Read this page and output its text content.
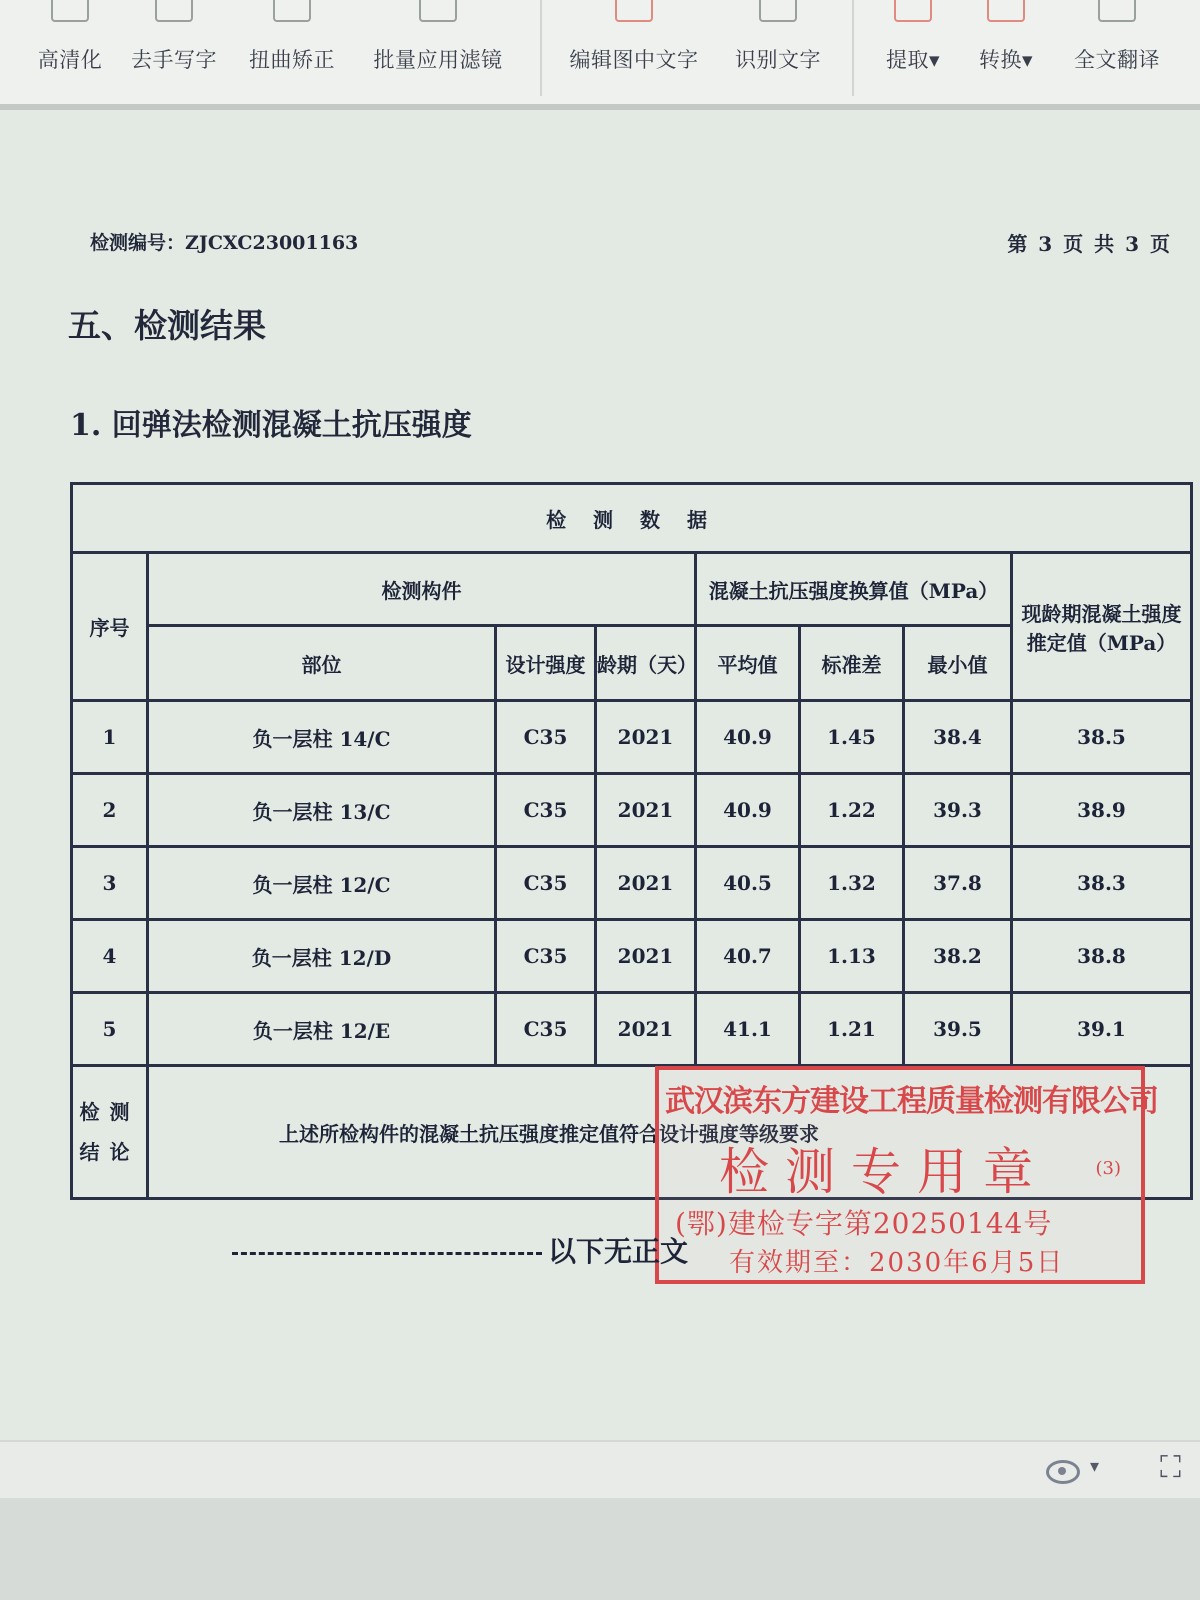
高清化	去手写字	扭曲矫正	批量应用滤镜	编辑图中文字	识别文字	提取▾	转换▾	全文翻译
检测编号：ZJCXC23001163	第 3 页 共 3 页
五、检测结果
1. 回弹法检测混凝土抗压强度
检 测 数 据							
序号	检测构件			混凝土抗压强度换算值（MPa）			现龄期混凝土强度推定值（MPa）
	部位	设计强度	龄期（天）	平均值	标准差	最小值	
1	负一层柱 14/C	C35	2021	40.9	1.45	38.4	38.5
2	负一层柱 13/C	C35	2021	40.9	1.22	39.3	38.9
3	负一层柱 12/C	C35	2021	40.5	1.32	37.8	38.3
4	负一层柱 12/D	C35	2021	40.7	1.13	38.2	38.8
5	负一层柱 12/E	C35	2021	41.1	1.21	39.5	39.1
检测结论	上述所检构件的混凝土抗压强度推定值符合设计强度等级要求						
武汉滨东方建设工程质量检测有限公司
检测专用章	(3)
(鄂)建检专字第20250144号
有效期至：2030年6月5日
以下无正文
▾ ⛶
